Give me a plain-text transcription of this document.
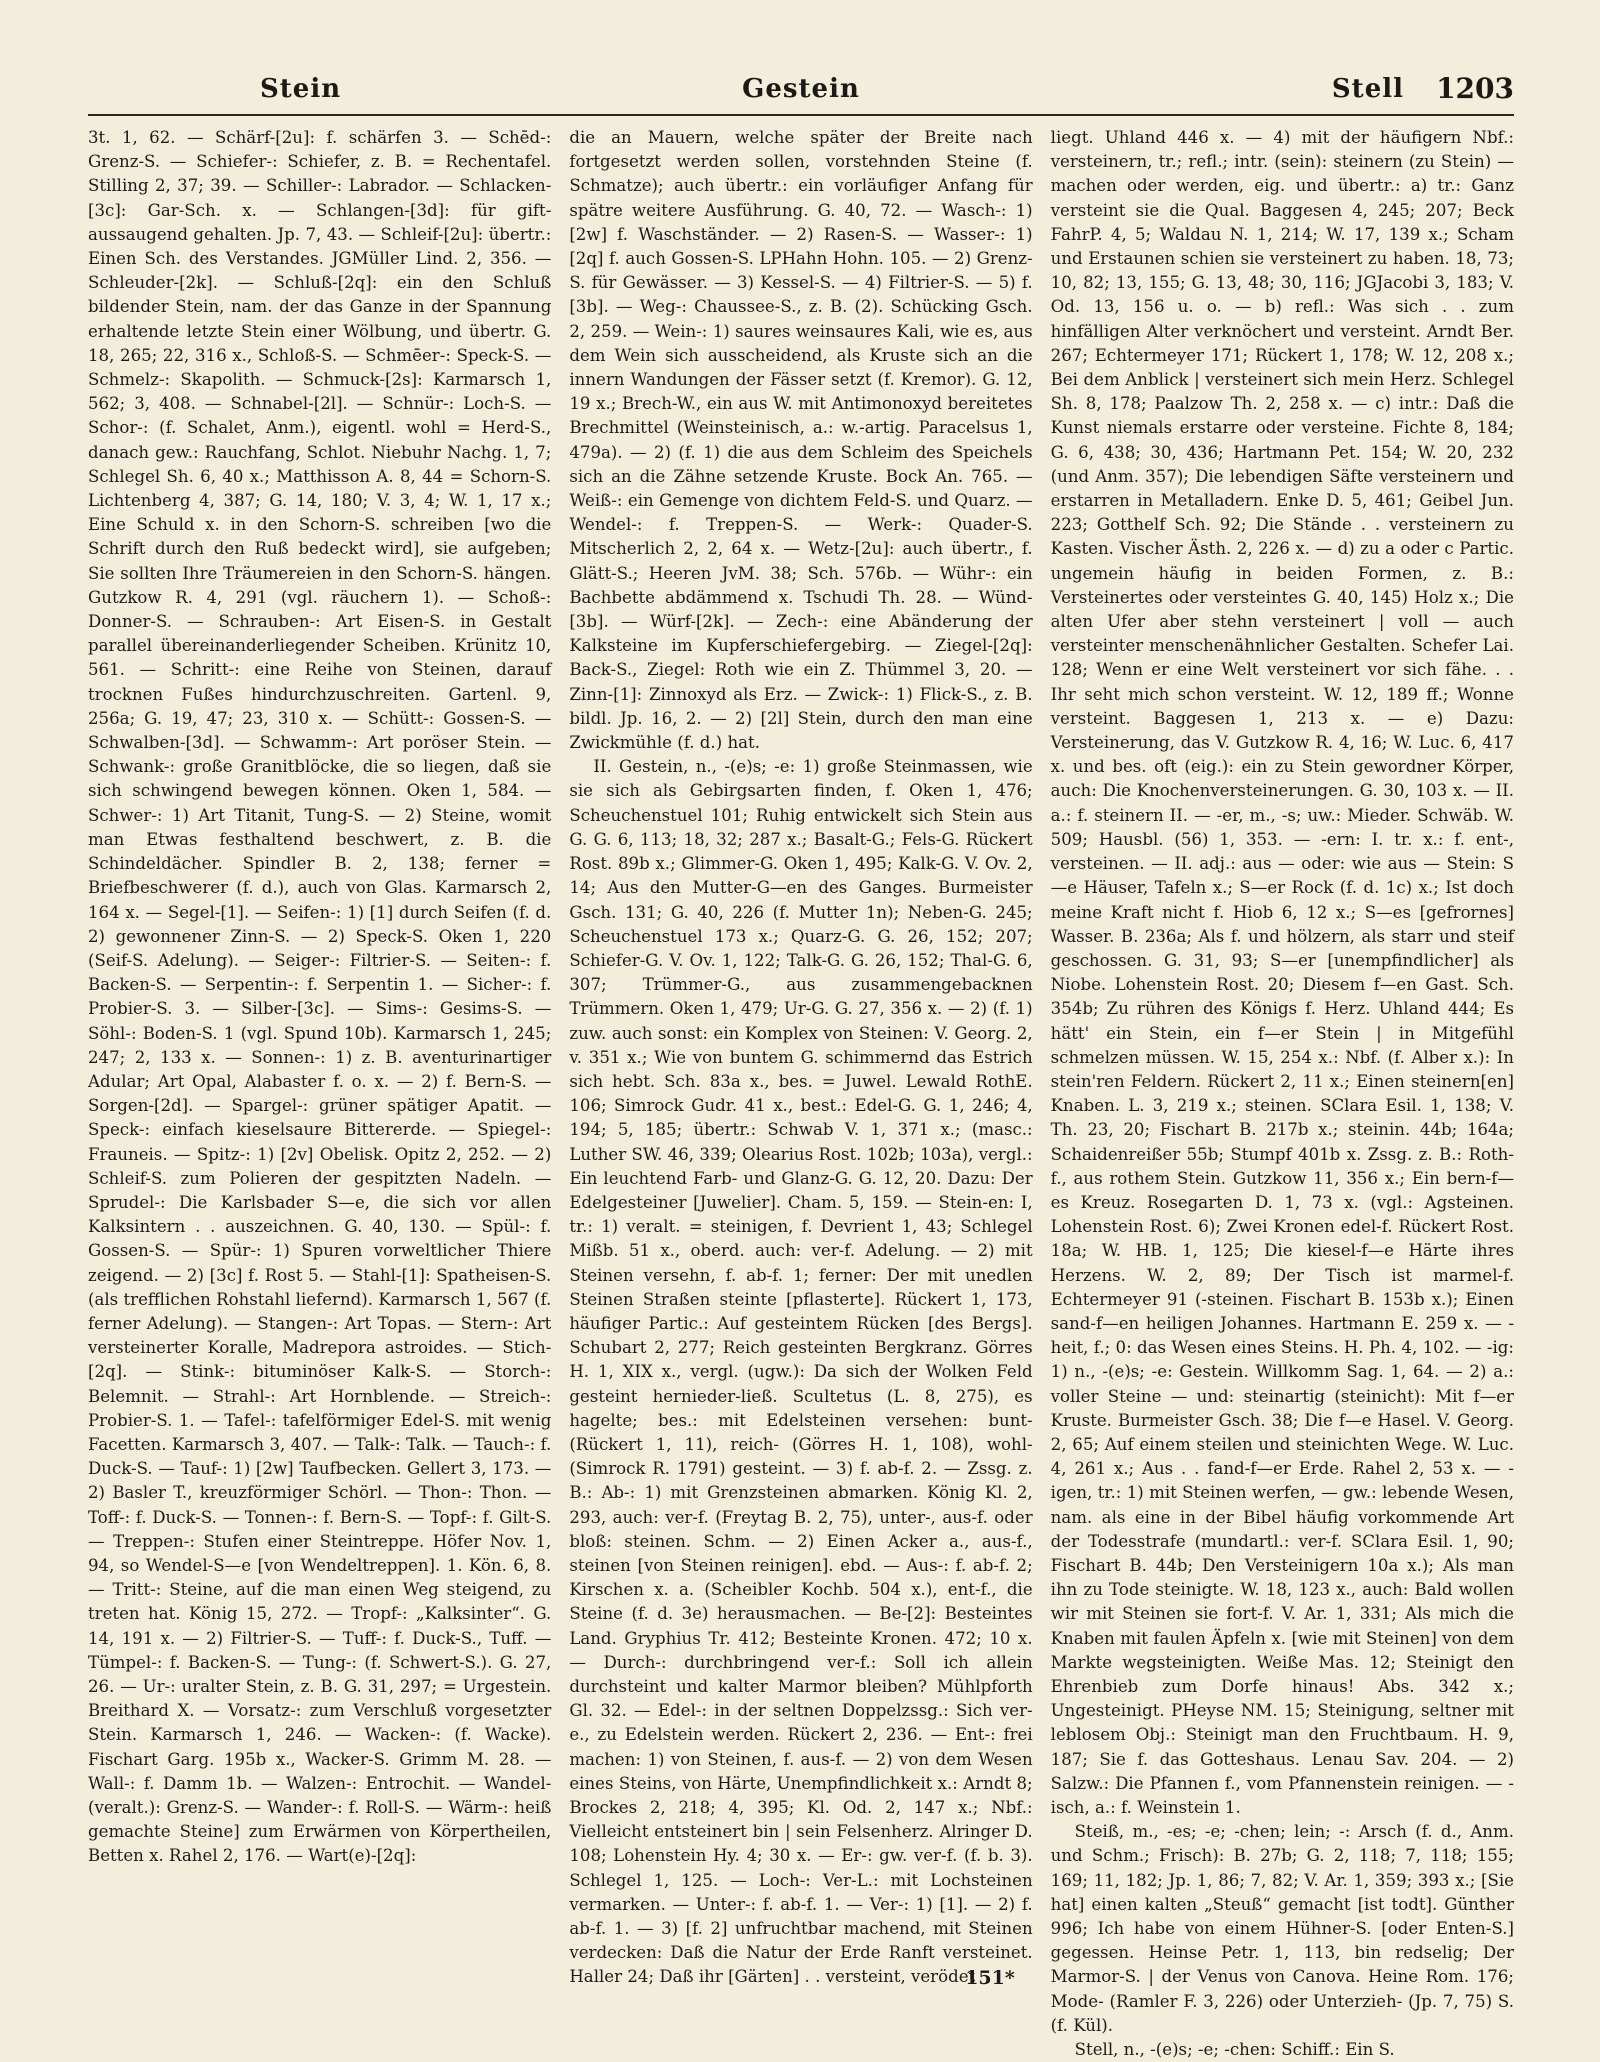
Stein	Gestein	Stell 1203

3t. 1, 62. — Schärf-[2u]: f. schärfen 3. — Schēd-: Grenz-S. — Schiefer-: Schiefer, z. B. = Rechentafel. Stilling 2, 37; 39. — Schiller-: Labrador. — Schlacken-[3c]: Gar-Sch. x. — Schlangen-[3d]: für gift-aussaugend gehalten. Jp. 7, 43. — Schleif-[2u]: übertr.: Einen Sch. des Verstandes. JGMüller Lind. 2, 356. — Schleuder-[2k]. — Schluß-[2q]: ein den Schluß bildender Stein, nam. der das Ganze in der Spannung erhaltende letzte Stein einer Wölbung, und übertr. G. 18, 265; 22, 316 x., Schloß-S. — Schmēer-: Speck-S. — Schmelz-: Skapolith. — Schmuck-[2s]: Karmarsch 1, 562; 3, 408. — Schnabel-[2l]. — Schnür-: Loch-S. — Schor-: (f. Schalet, Anm.), eigentl. wohl = Herd-S., danach gew.: Rauchfang, Schlot. Niebuhr Nachg. 1, 7; Schlegel Sh. 6, 40 x.; Matthisson A. 8, 44 = Schorn-S. Lichtenberg 4, 387; G. 14, 180; V. 3, 4; W. 1, 17 x.; Eine Schuld x. in den Schorn-S. schreiben [wo die Schrift durch den Ruß bedeckt wird], sie aufgeben; Sie sollten Ihre Träumereien in den Schorn-S. hängen. Gutzkow R. 4, 291 (vgl. räuchern 1). — Schoß-: Donner-S. — Schrauben-: Art Eisen-S. in Gestalt parallel übereinanderliegender Scheiben. Krünitz 10, 561. — Schritt-: eine Reihe von Steinen, darauf trocknen Fußes hindurchzuschreiten. Gartenl. 9, 256a; G. 19, 47; 23, 310 x. — Schütt-: Gossen-S. — Schwalben-[3d]. — Schwamm-: Art poröser Stein. — Schwank-: große Granitblöcke, die so liegen, daß sie sich schwingend bewegen können. Oken 1, 584. — Schwer-: 1) Art Titanit, Tung-S. — 2) Steine, womit man Etwas festhaltend beschwert, z. B. die Schindeldächer. Spindler B. 2, 138; ferner = Briefbeschwerer (f. d.), auch von Glas. Karmarsch 2, 164 x. — Segel-[1]. — Seifen-: 1) [1] durch Seifen (f. d. 2) gewonnener Zinn-S. — 2) Speck-S. Oken 1, 220 (Seif-S. Adelung). — Seiger-: Filtrier-S. — Seiten-: f. Backen-S. — Serpentin-: f. Serpentin 1. — Sicher-: f. Probier-S. 3. — Silber-[3c]. — Sims-: Gesims-S. — Söhl-: Boden-S. 1 (vgl. Spund 10b). Karmarsch 1, 245; 247; 2, 133 x. — Sonnen-: 1) z. B. aventurinartiger Adular; Art Opal, Alabaster f. o. x. — 2) f. Bern-S. — Sorgen-[2d]. — Spargel-: grüner spätiger Apatit. — Speck-: einfach kieselsaure Bittererde. — Spiegel-: Frauneis. — Spitz-: 1) [2v] Obelisk. Opitz 2, 252. — 2) Schleif-S. zum Polieren der gespitzten Nadeln. — Sprudel-: Die Karlsbader S—e, die sich vor allen Kalksintern . . auszeichnen. G. 40, 130. — Spül-: f. Gossen-S. — Spür-: 1) Spuren vorweltlicher Thiere zeigend. — 2) [3c] f. Rost 5. — Stahl-[1]: Spatheisen-S. (als trefflichen Rohstahl liefernd). Karmarsch 1, 567 (f. ferner Adelung). — Stangen-: Art Topas. — Stern-: Art versteinerter Koralle, Madrepora astroides. — Stich-[2q]. — Stink-: bituminöser Kalk-S. — Storch-: Belemnit. — Strahl-: Art Hornblende. — Streich-: Probier-S. 1. — Tafel-: tafelförmiger Edel-S. mit wenig Facetten. Karmarsch 3, 407. — Talk-: Talk. — Tauch-: f. Duck-S. — Tauf-: 1) [2w] Taufbecken. Gellert 3, 173. — 2) Basler T., kreuzförmiger Schörl. — Thon-: Thon. — Toff-: f. Duck-S. — Tonnen-: f. Bern-S. — Topf-: f. Gilt-S. — Treppen-: Stufen einer Steintreppe. Höfer Nov. 1, 94, so Wendel-S—e [von Wendeltreppen]. 1. Kön. 6, 8. — Tritt-: Steine, auf die man einen Weg steigend, zu treten hat. König 15, 272. — Tropf-: „Kalksinter“. G. 14, 191 x. — 2) Filtrier-S. — Tuff-: f. Duck-S., Tuff. — Tümpel-: f. Backen-S. — Tung-: (f. Schwert-S.). G. 27, 26. — Ur-: uralter Stein, z. B. G. 31, 297; = Urgestein. Breithard X. — Vorsatz-: zum Verschluß vorgesetzter Stein. Karmarsch 1, 246. — Wacken-: (f. Wacke). Fischart Garg. 195b x., Wacker-S. Grimm M. 28. — Wall-: f. Damm 1b. — Walzen-: Entrochit. — Wandel- (veralt.): Grenz-S. — Wander-: f. Roll-S. — Wärm-: heiß gemachte Steine] zum Erwärmen von Körpertheilen, Betten x. Rahel 2, 176. — Wart(e)-[2q]:

die an Mauern, welche später der Breite nach fortgesetzt werden sollen, vorstehnden Steine (f. Schmatze); auch übertr.: ein vorläufiger Anfang für spätre weitere Ausführung. G. 40, 72. — Wasch-: 1) [2w] f. Waschständer. — 2) Rasen-S. — Wasser-: 1) [2q] f. auch Gossen-S. LPHahn Hohn. 105. — 2) Grenz-S. für Gewässer. — 3) Kessel-S. — 4) Filtrier-S. — 5) f. [3b]. — Weg-: Chaussee-S., z. B. (2). Schücking Gsch. 2, 259. — Wein-: 1) saures weinsaures Kali, wie es, aus dem Wein sich ausscheidend, als Kruste sich an die innern Wandungen der Fässer setzt (f. Kremor). G. 12, 19 x.; Brech-W., ein aus W. mit Antimonoxyd bereitetes Brechmittel (Weinsteinisch, a.: w.-artig. Paracelsus 1, 479a). — 2) (f. 1) die aus dem Schleim des Speichels sich an die Zähne setzende Kruste. Bock An. 765. — Weiß-: ein Gemenge von dichtem Feld-S. und Quarz. — Wendel-: f. Treppen-S. — Werk-: Quader-S. Mitscherlich 2, 2, 64 x. — Wetz-[2u]: auch übertr., f. Glätt-S.; Heeren JvM. 38; Sch. 576b. — Wühr-: ein Bachbette abdämmend x. Tschudi Th. 28. — Wünd-[3b]. — Würf-[2k]. — Zech-: eine Abänderung der Kalksteine im Kupferschiefergebirg. — Ziegel-[2q]: Back-S., Ziegel: Roth wie ein Z. Thümmel 3, 20. — Zinn-[1]: Zinnoxyd als Erz. — Zwick-: 1) Flick-S., z. B. bildl. Jp. 16, 2. — 2) [2l] Stein, durch den man eine Zwickmühle (f. d.) hat.

II. Gestein, n., -(e)s; -e: 1) große Steinmassen, wie sie sich als Gebirgsarten finden, f. Oken 1, 476; Scheuchenstuel 101; Ruhig entwickelt sich Stein aus G. G. 6, 113; 18, 32; 287 x.; Basalt-G.; Fels-G. Rückert Rost. 89b x.; Glimmer-G. Oken 1, 495; Kalk-G. V. Ov. 2, 14; Aus den Mutter-G—en des Ganges. Burmeister Gsch. 131; G. 40, 226 (f. Mutter 1n); Neben-G. 245; Scheuchenstuel 173 x.; Quarz-G. G. 26, 152; 207; Schiefer-G. V. Ov. 1, 122; Talk-G. G. 26, 152; Thal-G. 6, 307; Trümmer-G., aus zusammengebacknen Trümmern. Oken 1, 479; Ur-G. G. 27, 356 x. — 2) (f. 1) zuw. auch sonst: ein Komplex von Steinen: V. Georg. 2, v. 351 x.; Wie von buntem G. schimmernd das Estrich sich hebt. Sch. 83a x., bes. = Juwel. Lewald RothE. 106; Simrock Gudr. 41 x., best.: Edel-G. G. 1, 246; 4, 194; 5, 185; übertr.: Schwab V. 1, 371 x.; (masc.: Luther SW. 46, 339; Olearius Rost. 102b; 103a), vergl.: Ein leuchtend Farb- und Glanz-G. G. 12, 20. Dazu: Der Edelgesteiner [Juwelier]. Cham. 5, 159. — Stein-en: I, tr.: 1) veralt. = steinigen, f. Devrient 1, 43; Schlegel Mißb. 51 x., oberd. auch: ver-f. Adelung. — 2) mit Steinen versehn, f. ab-f. 1; ferner: Der mit unedlen Steinen Straßen steinte [pflasterte]. Rückert 1, 173, häufiger Partic.: Auf gesteintem Rücken [des Bergs]. Schubart 2, 277; Reich gesteinten Bergkranz. Görres H. 1, XIX x., vergl. (ugw.): Da sich der Wolken Feld gesteint hernieder-ließ. Scultetus (L. 8, 275), es hagelte; bes.: mit Edelsteinen versehen: bunt- (Rückert 1, 11), reich- (Görres H. 1, 108), wohl- (Simrock R. 1791) gesteint. — 3) f. ab-f. 2. — Zssg. z. B.: Ab-: 1) mit Grenzsteinen abmarken. König Kl. 2, 293, auch: ver-f. (Freytag B. 2, 75), unter-, aus-f. oder bloß: steinen. Schm. — 2) Einen Acker a., aus-f., steinen [von Steinen reinigen]. ebd. — Aus-: f. ab-f. 2; Kirschen x. a. (Scheibler Kochb. 504 x.), ent-f., die Steine (f. d. 3e) herausmachen. — Be-[2]: Besteintes Land. Gryphius Tr. 412; Besteinte Kronen. 472; 10 x. — Durch-: durchbringend ver-f.: Soll ich allein durchsteint und kalter Marmor bleiben? Mühlpforth Gl. 32. — Edel-: in der seltnen Doppelzssg.: Sich ver-e., zu Edelstein werden. Rückert 2, 236. — Ent-: frei machen: 1) von Steinen, f. aus-f. — 2) von dem Wesen eines Steins, von Härte, Unempfindlichkeit x.: Arndt 8; Brockes 2, 218; 4, 395; Kl. Od. 2, 147 x.; Nbf.: Vielleicht entsteinert bin | sein Felsenherz. Alringer D. 108; Lohenstein Hy. 4; 30 x. — Er-: gw. ver-f. (f. b. 3). Schlegel 1, 125. — Loch-: Ver-L.: mit Lochsteinen vermarken. — Unter-: f. ab-f. 1. — Ver-: 1) [1]. — 2) f. ab-f. 1. — 3) [f. 2] unfruchtbar machend, mit Steinen verdecken: Daß die Natur der Erde Ranft versteinet. Haller 24; Daß ihr [Gärten] . . versteint, verödet

liegt. Uhland 446 x. — 4) mit der häufigern Nbf.: versteinern, tr.; refl.; intr. (sein): steinern (zu Stein) — machen oder werden, eig. und übertr.: a) tr.: Ganz versteint sie die Qual. Baggesen 4, 245; 207; Beck FahrP. 4, 5; Waldau N. 1, 214; W. 17, 139 x.; Scham und Erstaunen schien sie versteinert zu haben. 18, 73; 10, 82; 13, 155; G. 13, 48; 30, 116; JGJacobi 3, 183; V. Od. 13, 156 u. o. — b) refl.: Was sich . . zum hinfälligen Alter verknöchert und versteint. Arndt Ber. 267; Echtermeyer 171; Rückert 1, 178; W. 12, 208 x.; Bei dem Anblick | versteinert sich mein Herz. Schlegel Sh. 8, 178; Paalzow Th. 2, 258 x. — c) intr.: Daß die Kunst niemals erstarre oder versteine. Fichte 8, 184; G. 6, 438; 30, 436; Hartmann Pet. 154; W. 20, 232 (und Anm. 357); Die lebendigen Säfte versteinern und erstarren in Metalladern. Enke D. 5, 461; Geibel Jun. 223; Gotthelf Sch. 92; Die Stände . . versteinern zu Kasten. Vischer Ästh. 2, 226 x. — d) zu a oder c Partic. ungemein häufig in beiden Formen, z. B.: Versteinertes oder versteintes G. 40, 145) Holz x.; Die alten Ufer aber stehn versteinert | voll — auch versteinter menschenähnlicher Gestalten. Schefer Lai. 128; Wenn er eine Welt versteinert vor sich fähe. . . Ihr seht mich schon versteint. W. 12, 189 ff.; Wonne versteint. Baggesen 1, 213 x. — e) Dazu: Versteinerung, das V. Gutzkow R. 4, 16; W. Luc. 6, 417 x. und bes. oft (eig.): ein zu Stein gewordner Körper, auch: Die Knochenversteinerungen. G. 30, 103 x. — II. a.: f. steinern II. — -er, m., -s; uw.: Mieder. Schwäb. W. 509; Hausbl. (56) 1, 353. — -ern: I. tr. x.: f. ent-, versteinen. — II. adj.: aus — oder: wie aus — Stein: S—e Häuser, Tafeln x.; S—er Rock (f. d. 1c) x.; Ist doch meine Kraft nicht f. Hiob 6, 12 x.; S—es [gefrornes] Wasser. B. 236a; Als f. und hölzern, als starr und steif geschossen. G. 31, 93; S—er [unempfindlicher] als Niobe. Lohenstein Rost. 20; Diesem f—en Gast. Sch. 354b; Zu rühren des Königs f. Herz. Uhland 444; Es hätt' ein Stein, ein f—er Stein | in Mitgefühl schmelzen müssen. W. 15, 254 x.: Nbf. (f. Alber x.): In stein'ren Feldern. Rückert 2, 11 x.; Einen steinern[en] Knaben. L. 3, 219 x.; steinen. SClara Esil. 1, 138; V. Th. 23, 20; Fischart B. 217b x.; steinin. 44b; 164a; Schaidenreißer 55b; Stumpf 401b x. Zssg. z. B.: Roth-f., aus rothem Stein. Gutzkow 11, 356 x.; Ein bern-f—es Kreuz. Rosegarten D. 1, 73 x. (vgl.: Agsteinen. Lohenstein Rost. 6); Zwei Kronen edel-f. Rückert Rost. 18a; W. HB. 1, 125; Die kiesel-f—e Härte ihres Herzens. W. 2, 89; Der Tisch ist marmel-f. Echtermeyer 91 (-steinen. Fischart B. 153b x.); Einen sand-f—en heiligen Johannes. Hartmann E. 259 x. — -heit, f.; 0: das Wesen eines Steins. H. Ph. 4, 102. — -ig: 1) n., -(e)s; -e: Gestein. Willkomm Sag. 1, 64. — 2) a.: voller Steine — und: steinartig (steinicht): Mit f—er Kruste. Burmeister Gsch. 38; Die f—e Hasel. V. Georg. 2, 65; Auf einem steilen und steinichten Wege. W. Luc. 4, 261 x.; Aus . . fand-f—er Erde. Rahel 2, 53 x. — -igen, tr.: 1) mit Steinen werfen, — gw.: lebende Wesen, nam. als eine in der Bibel häufig vorkommende Art der Todesstrafe (mundartl.: ver-f. SClara Esil. 1, 90; Fischart B. 44b; Den Versteinigern 10a x.); Als man ihn zu Tode steinigte. W. 18, 123 x., auch: Bald wollen wir mit Steinen sie fort-f. V. Ar. 1, 331; Als mich die Knaben mit faulen Äpfeln x. [wie mit Steinen] von dem Markte wegsteinigten. Weiße Mas. 12; Steinigt den Ehrenbieb zum Dorfe hinaus! Abs. 342 x.; Ungesteinigt. PHeyse NM. 15; Steinigung, seltner mit leblosem Obj.: Steinigt man den Fruchtbaum. H. 9, 187; Sie f. das Gotteshaus. Lenau Sav. 204. — 2) Salzw.: Die Pfannen f., vom Pfannenstein reinigen. — -isch, a.: f. Weinstein 1.

Steiß, m., -es; -e; -chen; lein; -: Arsch (f. d., Anm. und Schm.; Frisch): B. 27b; G. 2, 118; 7, 118; 155; 169; 11, 182; Jp. 1, 86; 7, 82; V. Ar. 1, 359; 393 x.; [Sie hat] einen kalten „Steuß“ gemacht [ist todt]. Günther 996; Ich habe von einem Hühner-S. [oder Enten-S.] gegessen. Heinse Petr. 1, 113, bin redselig; Der Marmor-S. | der Venus von Canova. Heine Rom. 176; Mode- (Ramler F. 3, 226) oder Unterzieh- (Jp. 7, 75) S. (f. Kül).

Stell, n., -(e)s; -e; -chen: Schiff.: Ein S.

151*
